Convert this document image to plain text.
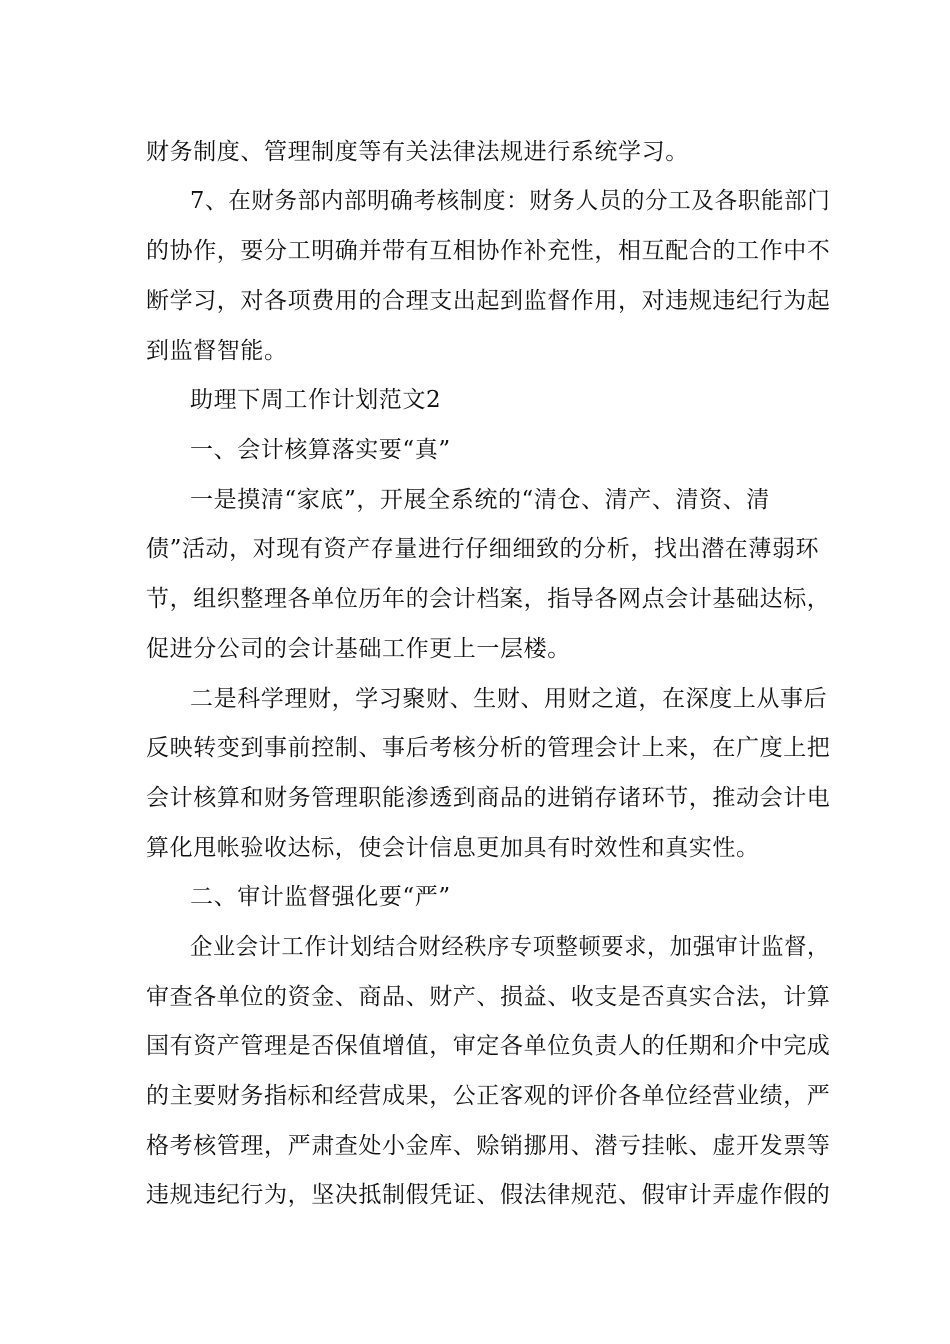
财务制度、管理制度等有关法律法规进行系统学习。
7、在财务部内部明确考核制度：财务人员的分工及各职能部门
的协作，要分工明确并带有互相协作补充性，相互配合的工作中不
断学习，对各项费用的合理支出起到监督作用，对违规违纪行为起
到监督智能。
助理下周工作计划范文2
一、会计核算落实要“真”
一是摸清“家底”，开展全系统的“清仓、清产、清资、清
债”活动，对现有资产存量进行仔细细致的分析，找出潜在薄弱环
节，组织整理各单位历年的会计档案，指导各网点会计基础达标，
促进分公司的会计基础工作更上一层楼。
二是科学理财，学习聚财、生财、用财之道，在深度上从事后
反映转变到事前控制、事后考核分析的管理会计上来，在广度上把
会计核算和财务管理职能渗透到商品的进销存诸环节，推动会计电
算化甩帐验收达标，使会计信息更加具有时效性和真实性。
二、审计监督强化要“严”
企业会计工作计划结合财经秩序专项整顿要求，加强审计监督，
审查各单位的资金、商品、财产、损益、收支是否真实合法，计算
国有资产管理是否保值增值，审定各单位负责人的任期和介中完成
的主要财务指标和经营成果，公正客观的评价各单位经营业绩，严
格考核管理，严肃查处小金库、赊销挪用、潜亏挂帐、虚开发票等
违规违纪行为，坚决抵制假凭证、假法律规范、假审计弄虚作假的
